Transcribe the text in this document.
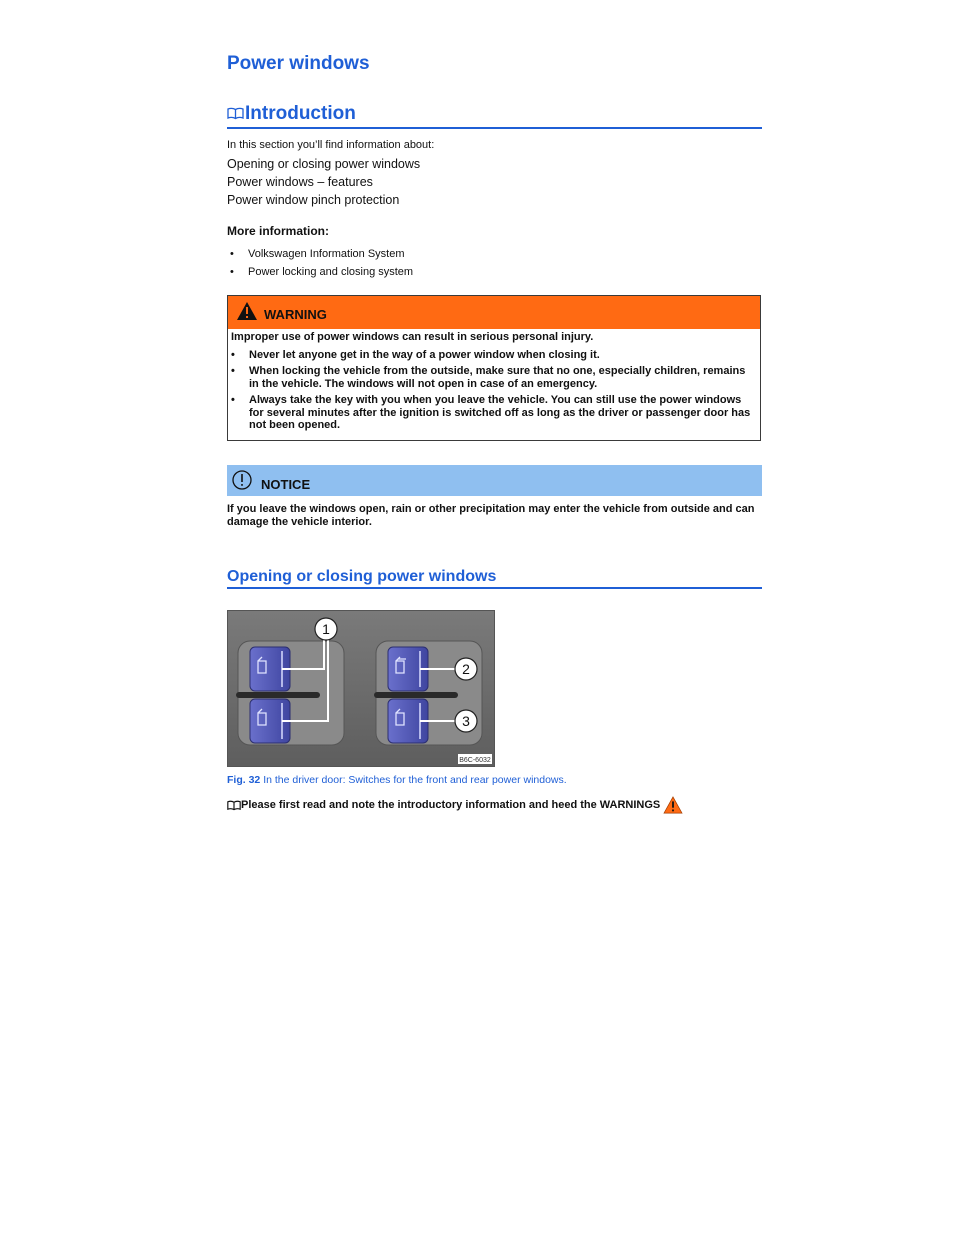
Power windows
Introduction
In this section you’ll find information about:
Opening or closing power windows
Power windows – features
Power window pinch protection
More information:
• Volkswagen Information System
• Power locking and closing system
WARNING

Improper use of power windows can result in serious personal injury.

• Never let anyone get in the way of a power window when closing it.

• When locking the vehicle from the outside, make sure that no one, especially children, remains in the vehicle. The windows will not open in case of an emergency.

• Always take the key with you when you leave the vehicle. You can still use the power windows for several minutes after the ignition is switched off as long as the driver or passenger door has not been opened.

NOTICE
If you leave the windows open, rain or other precipitation may enter the vehicle from outside and can damage the vehicle interior.
Opening or closing power windows
1
2
3
B6C-6032
Fig. 32 In the driver door: Switches for the front and rear power windows.
Please first read and note the introductory information and heed the WARNINGS
